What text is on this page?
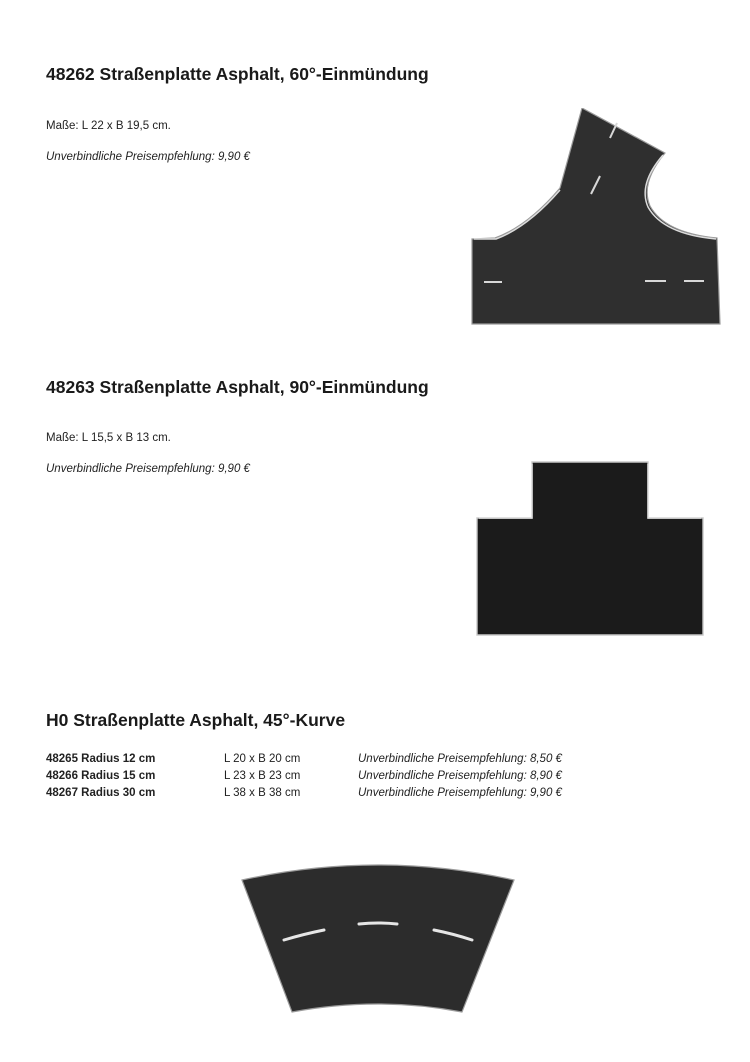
48262 Straßenplatte Asphalt, 60°-Einmündung
Maße: L 22 x B 19,5 cm.
Unverbindliche Preisempfehlung: 9,90 €
48263 Straßenplatte Asphalt, 90°-Einmündung
Maße: L 15,5 x B 13 cm.
Unverbindliche Preisempfehlung: 9,90 €
H0 Straßenplatte Asphalt, 45°-Kurve
48265 Radius 12 cm	L 20 x B 20 cm	Unverbindliche Preisempfehlung: 8,50 €
48266 Radius 15 cm	L 23 x B 23 cm	Unverbindliche Preisempfehlung: 8,90 €
48267 Radius 30 cm	L 38 x B 38 cm	Unverbindliche Preisempfehlung: 9,90 €
